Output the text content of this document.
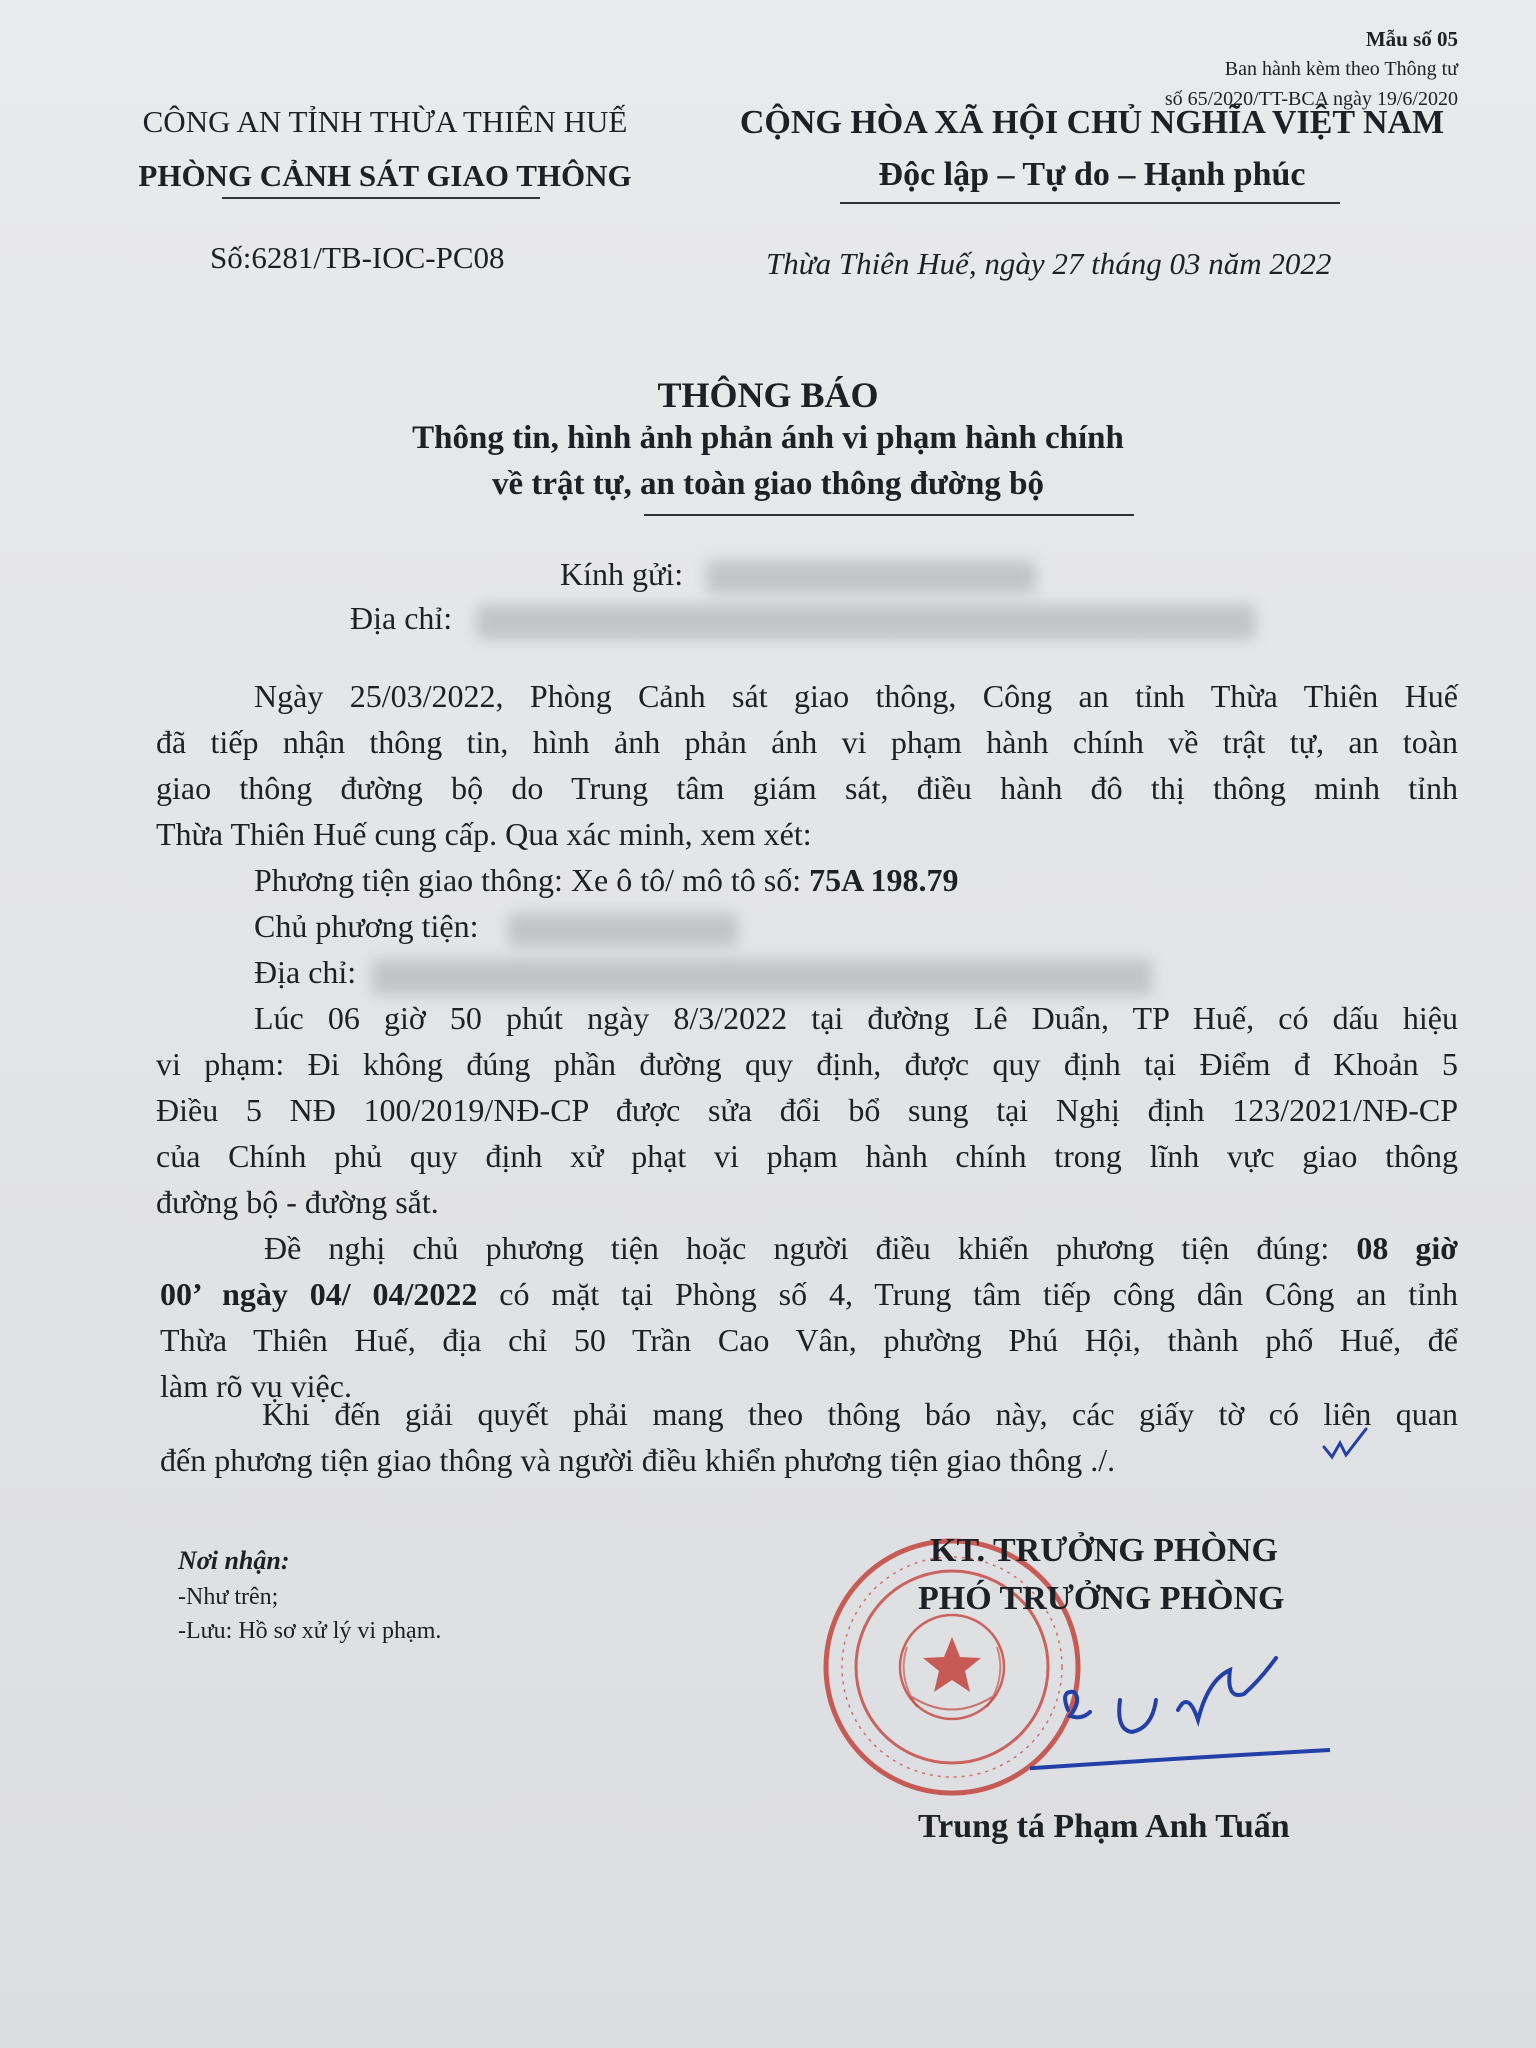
Mẫu số 05
Ban hành kèm theo Thông tư
số 65/2020/TT-BCA ngày 19/6/2020
CÔNG AN TỈNH THỪA THIÊN HUẾ
PHÒNG CẢNH SÁT GIAO THÔNG
CỘNG HÒA XÃ HỘI CHỦ NGHĨA VIỆT NAM
Độc lập – Tự do – Hạnh phúc
Số:6281/TB-IOC-PC08	Thừa Thiên Huế, ngày 27 tháng 03 năm 2022
THÔNG BÁO
Thông tin, hình ảnh phản ánh vi phạm hành chính
về trật tự, an toàn giao thông đường bộ
Kính gửi:
Địa chỉ:
Ngày 25/03/2022, Phòng Cảnh sát giao thông, Công an tỉnh Thừa Thiên Huế
đã tiếp nhận thông tin, hình ảnh phản ánh vi phạm hành chính về trật tự, an toàn
giao thông đường bộ do Trung tâm giám sát, điều hành đô thị thông minh tỉnh
Thừa Thiên Huế cung cấp. Qua xác minh, xem xét:
Phương tiện giao thông: Xe ô tô/ mô tô số: 75A 198.79
Chủ phương tiện:
Địa chỉ:
Lúc 06 giờ 50 phút ngày 8/3/2022 tại đường Lê Duẩn, TP Huế, có dấu hiệu
vi phạm: Đi không đúng phần đường quy định, được quy định tại Điểm đ Khoản 5
Điều 5 NĐ 100/2019/NĐ-CP được sửa đổi bổ sung tại Nghị định 123/2021/NĐ-CP
của Chính phủ quy định xử phạt vi phạm hành chính trong lĩnh vực giao thông
đường bộ - đường sắt.
Đề nghị chủ phương tiện hoặc người điều khiển phương tiện đúng: 08 giờ
00’ ngày 04/ 04/2022 có mặt tại Phòng số 4, Trung tâm tiếp công dân Công an tỉnh
Thừa Thiên Huế, địa chỉ 50 Trần Cao Vân, phường Phú Hội, thành phố Huế, để
làm rõ vụ việc.
Khi đến giải quyết phải mang theo thông báo này, các giấy tờ có liên quan
đến phương tiện giao thông và người điều khiển phương tiện giao thông ./.
Nơi nhận:
-Như trên;
-Lưu: Hồ sơ xử lý vi phạm.
KT. TRƯỞNG PHÒNG
PHÓ TRƯỞNG PHÒNG
Trung tá Phạm Anh Tuấn
